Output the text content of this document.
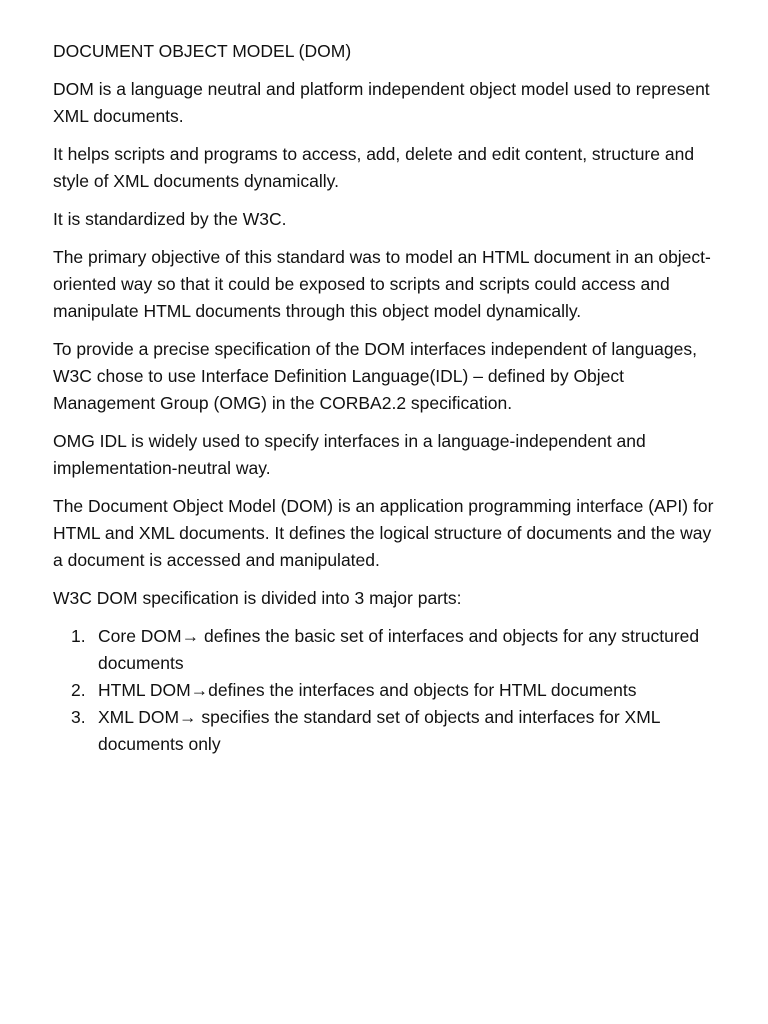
DOCUMENT OBJECT MODEL (DOM)

DOM is a language neutral and platform independent object model used to represent XML documents.

It helps scripts and programs to access, add, delete and edit content, structure and style of XML documents dynamically.

It is standardized by the W3C.

The primary objective of this standard was to model an HTML document in an object-oriented way so that it could be exposed to scripts and scripts could access and manipulate HTML documents through this object model dynamically.

To provide a precise specification of the DOM interfaces independent of languages, W3C chose to use Interface Definition Language(IDL) – defined by Object Management Group (OMG) in the CORBA2.2 specification.

OMG IDL is widely used to specify interfaces in a language-independent and implementation-neutral way.

The Document Object Model (DOM) is an application programming interface (API) for HTML and XML documents. It defines the logical structure of documents and the way a document is accessed and manipulated.

W3C DOM specification is divided into 3 major parts:

1. Core DOM→ defines the basic set of interfaces and objects for any structured documents
2. HTML DOM→defines the interfaces and objects for HTML documents
3. XML DOM→ specifies the standard set of objects and interfaces for XML documents only
